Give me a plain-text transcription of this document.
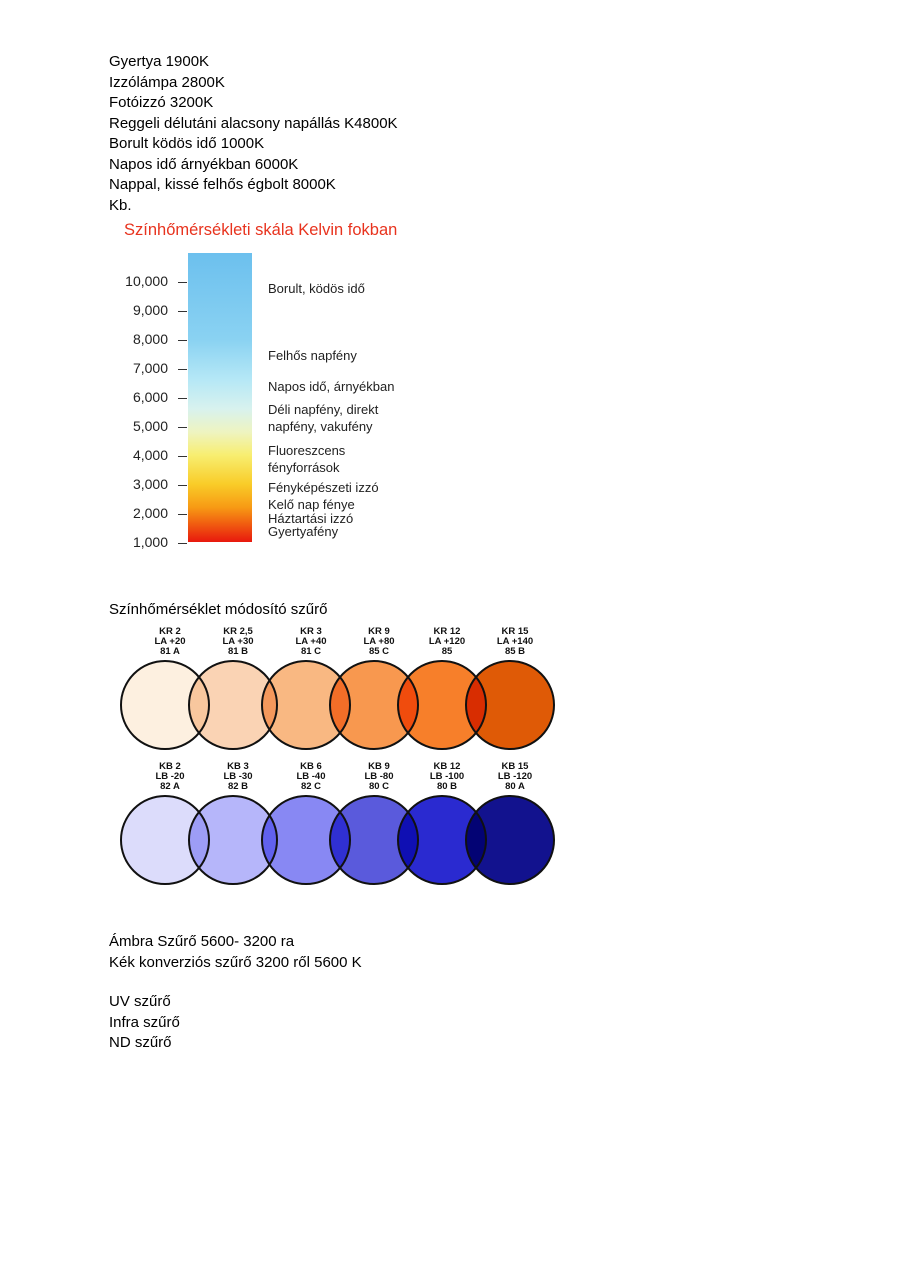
Gyertya 1900K
Izzólámpa 2800K
Fotóizzó 3200K
Reggeli délutáni alacsony napállás K4800K
Borult ködös idő 1000K
Napos idő árnyékban 6000K
Nappal, kissé felhős égbolt 8000K
Kb.
Színhőmérsékleti skála Kelvin fokban
10,000
9,000
8,000
7,000
6,000
5,000
4,000
3,000
2,000
1,000
Borult, ködös idő
Felhős napfény
Napos idő, árnyékban
Déli napfény, direkt
napfény, vakufény
Fluoreszcens
fényforrások
Fényképészeti izzó
Kelő nap fénye
Háztartási izzó
Gyertyafény
Színhőmérséklet módosító szűrő
KR 2
LA +20
81 A
KR 2,5
LA +30
81 B
KR 3
LA +40
81 C
KR 9
LA +80
85 C
KR 12
LA +120
85
KR 15
LA +140
85 B
KB 2
LB -20
82 A
KB 3
LB -30
82 B
KB 6
LB -40
82 C
KB 9
LB -80
80 C
KB 12
LB -100
80 B
KB 15
LB -120
80 A
Ámbra Szűrő 5600- 3200 ra
Kék konverziós szűrő 3200 ről 5600 K
UV szűrő
Infra szűrő
ND szűrő
